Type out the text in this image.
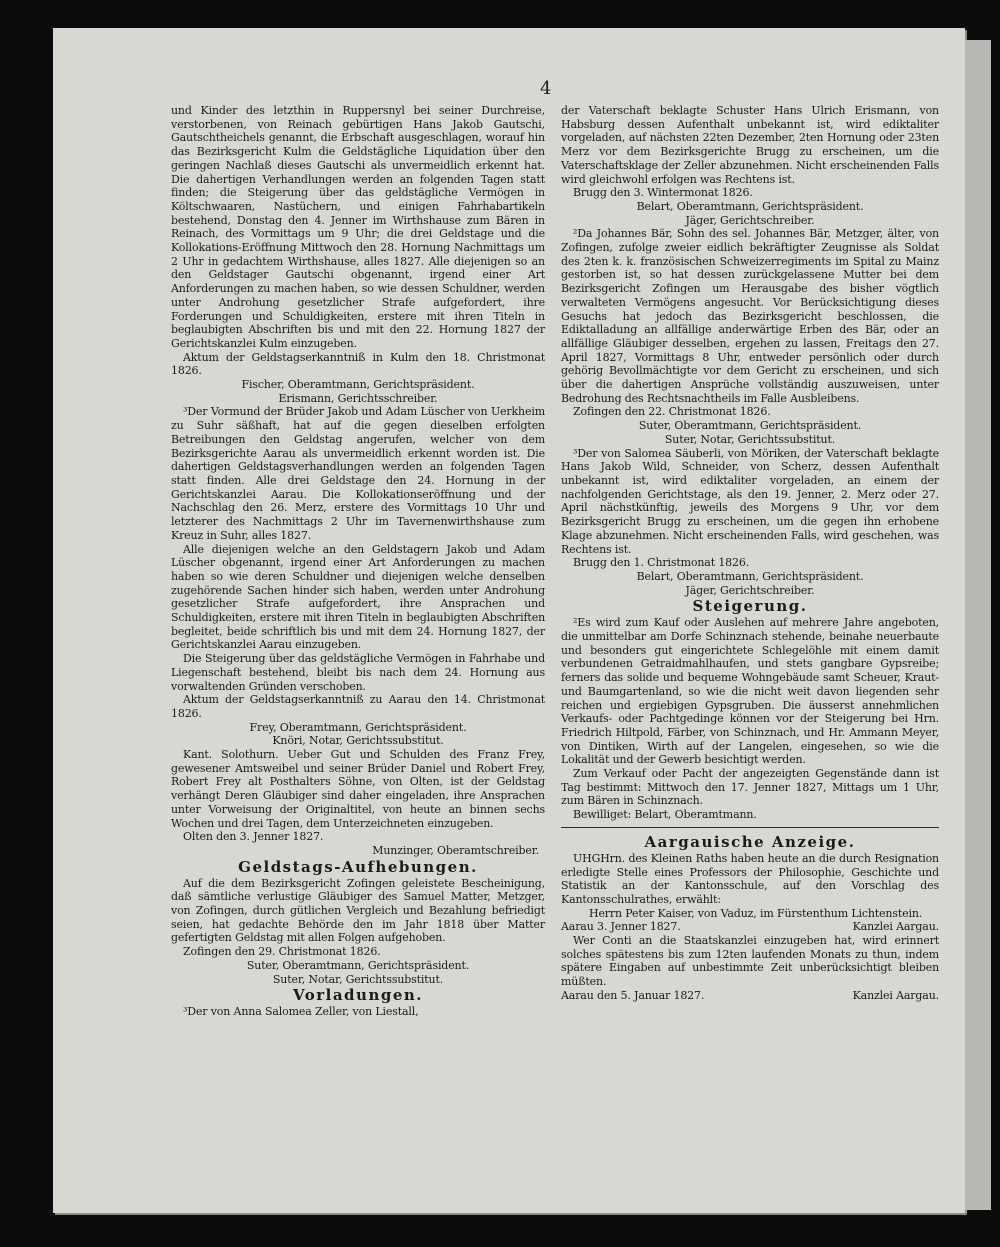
4

und Kinder des letzthin in Ruppersnyl bei seiner Durchreise, verstorbenen, von Reinach gebürtigen Hans Jakob Gautschi, Gautschtheichels genannt, die Erbschaft ausgeschlagen, worauf hin das Bezirksgericht Kulm die Geldstägliche Liquidation über den geringen Nachlaß dieses Gautschi als unvermeidlich erkennt hat. Die dahertigen Verhandlungen werden an folgenden Tagen statt finden; die Steigerung über das geldstägliche Vermögen in Költschwaaren, Nastüchern, und einigen Fahrhabartikeln bestehend, Donstag den 4. Jenner im Wirthshause zum Bären in Reinach, des Vormittags um 9 Uhr; die drei Geldstage und die Kollokations-Eröffnung Mittwoch den 28. Hornung Nachmittags um 2 Uhr in gedachtem Wirthshause, alles 1827. Alle diejenigen so an den Geldstager Gautschi obgenannt, irgend einer Art Anforderungen zu machen haben, so wie dessen Schuldner, werden unter Androhung gesetzlicher Strafe aufgefordert, ihre Forderungen und Schuldigkeiten, erstere mit ihren Titeln in beglaubigten Abschriften bis und mit den 22. Hornung 1827 der Gerichtskanzlei Kulm einzugeben.

Aktum der Geldstagserkanntniß in Kulm den 18. Christmonat 1826.

Fischer, Oberamtmann, Gerichtspräsident.

Erismann, Gerichtsschreiber.

³Der Vormund der Brüder Jakob und Adam Lüscher von Uerkheim zu Suhr säßhaft, hat auf die gegen dieselben erfolgten Betreibungen den Geldstag angerufen, welcher von dem Bezirksgerichte Aarau als unvermeidlich erkennt worden ist. Die dahertigen Geldstagsverhandlungen werden an folgenden Tagen statt finden. Alle drei Geldstage den 24. Hornung in der Gerichtskanzlei Aarau. Die Kollokationseröffnung und der Nachschlag den 26. Merz, erstere des Vormittags 10 Uhr und letzterer des Nachmittags 2 Uhr im Tavernenwirthshause zum Kreuz in Suhr, alles 1827.

Alle diejenigen welche an den Geldstagern Jakob und Adam Lüscher obgenannt, irgend einer Art Anforderungen zu machen haben so wie deren Schuldner und diejenigen welche denselben zugehörende Sachen hinder sich haben, werden unter Androhung gesetzlicher Strafe aufgefordert, ihre Ansprachen und Schuldigkeiten, erstere mit ihren Titeln in beglaubigten Abschriften begleitet, beide schriftlich bis und mit dem 24. Hornung 1827, der Gerichtskanzlei Aarau einzugeben.

Die Steigerung über das geldstägliche Vermögen in Fahrhabe und Liegenschaft bestehend, bleibt bis nach dem 24. Hornung aus vorwaltenden Gründen verschoben.

Aktum der Geldstagserkanntniß zu Aarau den 14. Christmonat 1826.

Frey, Oberamtmann, Gerichtspräsident.

Knöri, Notar, Gerichtssubstitut.

Kant. Solothurn. Ueber Gut und Schulden des Franz Frey, gewesener Amtsweibel und seiner Brüder Daniel und Robert Frey, Robert Frey alt Posthalters Söhne, von Olten, ist der Geldstag verhängt Deren Gläubiger sind daher eingeladen, ihre Ansprachen unter Vorweisung der Originaltitel, von heute an binnen sechs Wochen und drei Tagen, dem Unterzeichneten einzugeben.

Olten den 3. Jenner 1827.

Munzinger, Oberamtschreiber.

Geldstags-Aufhebungen.

Auf die dem Bezirksgericht Zofingen geleistete Bescheinigung, daß sämtliche verlustige Gläubiger des Samuel Matter, Metzger, von Zofingen, durch gütlichen Vergleich und Bezahlung befriedigt seien, hat gedachte Behörde den im Jahr 1818 über Matter gefertigten Geldstag mit allen Folgen aufgehoben.

Zofingen den 29. Christmonat 1826.

Suter, Oberamtmann, Gerichtspräsident.

Suter, Notar, Gerichtssubstitut.

Vorladungen.

³Der von Anna Salomea Zeller, von Liestall,

der Vaterschaft beklagte Schuster Hans Ulrich Erismann, von Habsburg dessen Aufenthalt unbekannt ist, wird ediktaliter vorgeladen, auf nächsten 22ten Dezember, 2ten Hornung oder 23ten Merz vor dem Bezirksgerichte Brugg zu erscheinen, um die Vaterschaftsklage der Zeller abzunehmen. Nicht erscheinenden Falls wird gleichwohl erfolgen was Rechtens ist.

Brugg den 3. Wintermonat 1826.

Belart, Oberamtmann, Gerichtspräsident.

Jäger, Gerichtschreiber.

²Da Johannes Bär, Sohn des sel. Johannes Bär, Metzger, älter, von Zofingen, zufolge zweier eidlich bekräftigter Zeugnisse als Soldat des 2ten k. k. französischen Schweizerregiments im Spital zu Mainz gestorben ist, so hat dessen zurückgelassene Mutter bei dem Bezirksgericht Zofingen um Herausgabe des bisher vögtlich verwalteten Vermögens angesucht. Vor Berücksichtigung dieses Gesuchs hat jedoch das Bezirksgericht beschlossen, die Ediktalladung an allfällige anderwärtige Erben des Bär, oder an allfällige Gläubiger desselben, ergehen zu lassen, Freitags den 27. April 1827, Vormittags 8 Uhr, entweder persönlich oder durch gehörig Bevollmächtigte vor dem Gericht zu erscheinen, und sich über die dahertigen Ansprüche vollständig auszuweisen, unter Bedrohung des Rechtsnachtheils im Falle Ausbleibens.

Zofingen den 22. Christmonat 1826.

Suter, Oberamtmann, Gerichtspräsident.

Suter, Notar, Gerichtssubstitut.

³Der von Salomea Säuberli, von Möriken, der Vaterschaft beklagte Hans Jakob Wild, Schneider, von Scherz, dessen Aufenthalt unbekannt ist, wird ediktaliter vorgeladen, an einem der nachfolgenden Gerichtstage, als den 19. Jenner, 2. Merz oder 27. April nächstkünftig, jeweils des Morgens 9 Uhr, vor dem Bezirksgericht Brugg zu erscheinen, um die gegen ihn erhobene Klage abzunehmen. Nicht erscheinenden Falls, wird geschehen, was Rechtens ist.

Brugg den 1. Christmonat 1826.

Belart, Oberamtmann, Gerichtspräsident.

Jäger, Gerichtschreiber.

Steigerung.

²Es wird zum Kauf oder Auslehen auf mehrere Jahre angeboten, die unmittelbar am Dorfe Schinznach stehende, beinahe neuerbaute und besonders gut eingerichtete Schlegelöhle mit einem damit verbundenen Getraidmahlhaufen, und stets gangbare Gypsreibe; ferners das solide und bequeme Wohngebäude samt Scheuer, Kraut- und Baumgartenland, so wie die nicht weit davon liegenden sehr reichen und ergiebigen Gypsgruben. Die äusserst annehmlichen Verkaufs- oder Pachtgedinge können vor der Steigerung bei Hrn. Friedrich Hiltpold, Färber, von Schinznach, und Hr. Ammann Meyer, von Dintiken, Wirth auf der Langelen, eingesehen, so wie die Lokalität und der Gewerb besichtigt werden.

Zum Verkauf oder Pacht der angezeigten Gegenstände dann ist Tag bestimmt: Mittwoch den 17. Jenner 1827, Mittags um 1 Uhr, zum Bären in Schinznach.

Bewilliget: Belart, Oberamtmann.

Aargauische Anzeige.

UHGHrn. des Kleinen Raths haben heute an die durch Resignation erledigte Stelle eines Professors der Philosophie, Geschichte und Statistik an der Kantonsschule, auf den Vorschlag des Kantonsschulrathes, erwählt:

Herrn Peter Kaiser, von Vaduz, im Fürstenthum Lichtenstein.

Aarau 3. Jenner 1827.	Kanzlei Aargau.

Wer Conti an die Staatskanzlei einzugeben hat, wird erinnert solches spätestens bis zum 12ten laufenden Monats zu thun, indem spätere Eingaben auf unbestimmte Zeit unberücksichtigt bleiben müßten.

Aarau den 5. Januar 1827.	Kanzlei Aargau.
